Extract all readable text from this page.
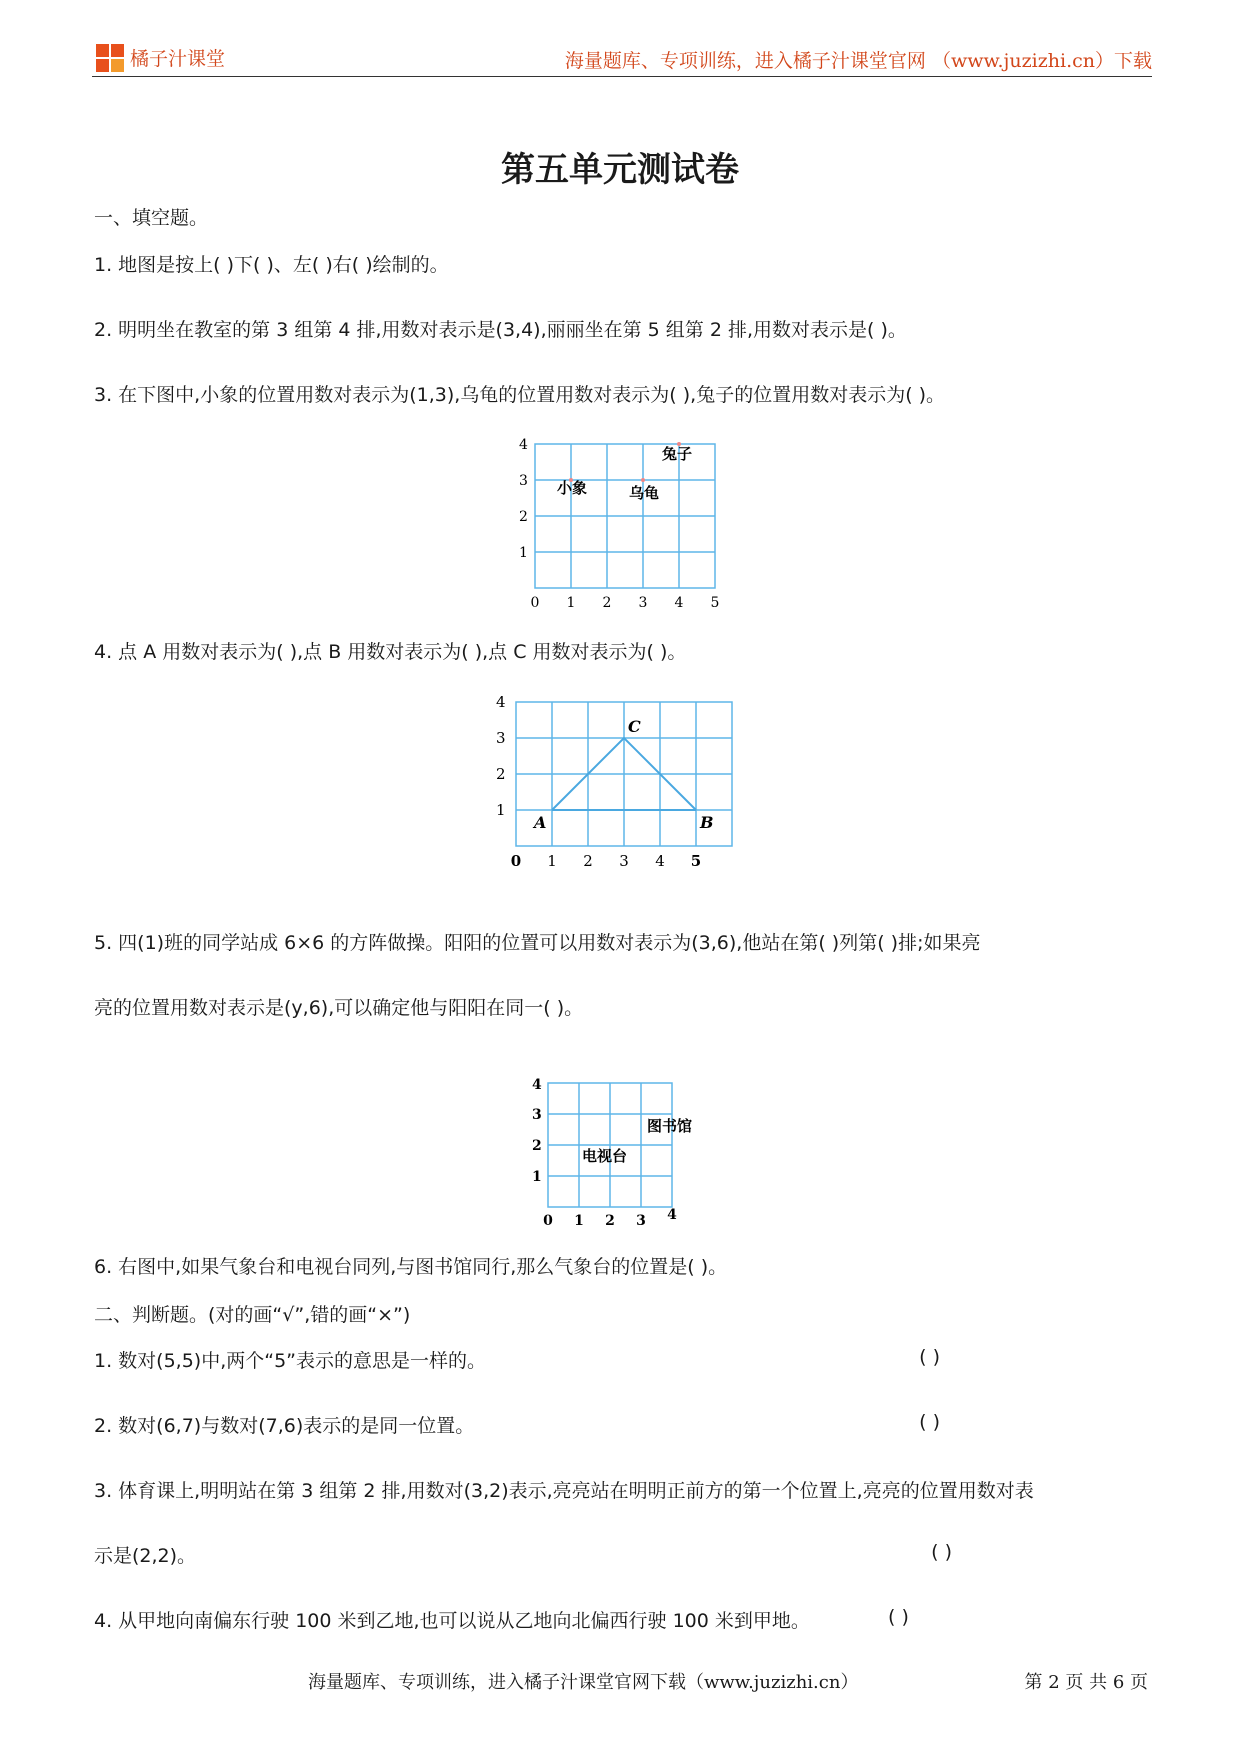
橘子汁课堂	海量题库、专项训练，进入橘子汁课堂官网 （www.juzizhi.cn）下载
第五单元测试卷
一、填空题。
1. 地图是按上( )下( )、左( )右( )绘制的。
2. 明明坐在教室的第 3 组第 4 排,用数对表示是(3,4),丽丽坐在第 5 组第 2 排,用数对表示是( )。
3. 在下图中,小象的位置用数对表示为(1,3),乌龟的位置用数对表示为( ),兔子的位置用数对表示为( )。
0 1 2 3 4 5
1
2
3
4
小象	乌龟
兔子
4. 点 A 用数对表示为( ),点 B 用数对表示为( ),点 C 用数对表示为( )。
0 1 2 3 4 5
1
2
3
4
A	B
C
5. 四(1)班的同学站成 6×6 的方阵做操。阳阳的位置可以用数对表示为(3,6),他站在第( )列第( )排;如果亮
亮的位置用数对表示是(y,6),可以确定他与阳阳在同一( )。
0 1 2 3 4
1
2
3
4
图书馆
电视台
6. 右图中,如果气象台和电视台同列,与图书馆同行,那么气象台的位置是( )。
二、判断题。(对的画“√”,错的画“×”)
1. 数对(5,5)中,两个“5”表示的意思是一样的。	( )
2. 数对(6,7)与数对(7,6)表示的是同一位置。	( )
3. 体育课上,明明站在第 3 组第 2 排,用数对(3,2)表示,亮亮站在明明正前方的第一个位置上,亮亮的位置用数对表
示是(2,2)。	( )
4. 从甲地向南偏东行驶 100 米到乙地,也可以说从乙地向北偏西行驶 100 米到甲地。	( )
海量题库、专项训练，进入橘子汁课堂官网下载（www.juzizhi.cn）	第 2 页 共 6 页
